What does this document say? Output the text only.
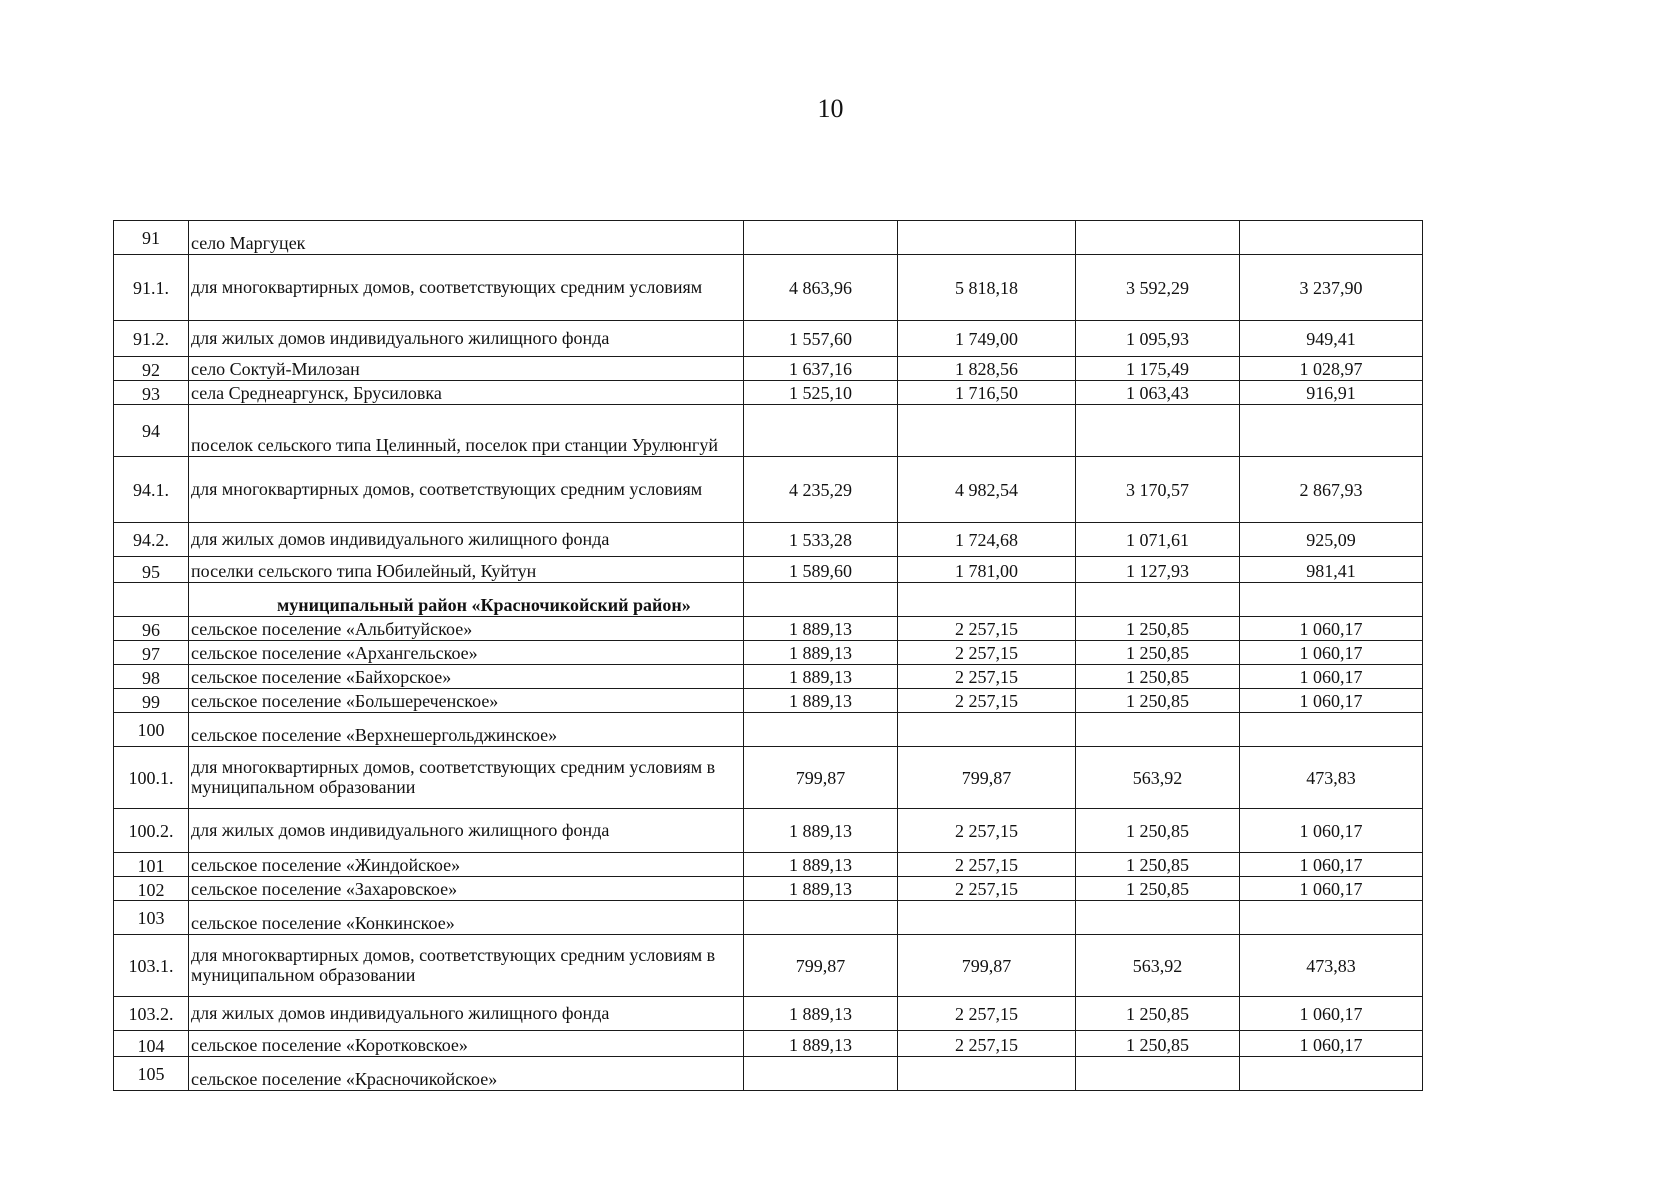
10
91	село Маргуцек				
91.1.	для многоквартирных домов, соответствующих средним условиям	4 863,96	5 818,18	3 592,29	3 237,90
91.2.	для жилых домов индивидуального жилищного фонда	1 557,60	1 749,00	1 095,93	949,41
92	село Соктуй-Милозан	1 637,16	1 828,56	1 175,49	1 028,97
93	села Среднеаргунск, Брусиловка	1 525,10	1 716,50	1 063,43	916,91
94	поселок сельского типа Целинный, поселок при станции Урулюнгуй				
94.1.	для многоквартирных домов, соответствующих средним условиям	4 235,29	4 982,54	3 170,57	2 867,93
94.2.	для жилых домов индивидуального жилищного фонда	1 533,28	1 724,68	1 071,61	925,09
95	поселки сельского типа Юбилейный, Куйтун	1 589,60	1 781,00	1 127,93	981,41
	муниципальный район «Красночикойский район»				
96	сельское поселение «Альбитуйское»	1 889,13	2 257,15	1 250,85	1 060,17
97	сельское поселение «Архангельское»	1 889,13	2 257,15	1 250,85	1 060,17
98	сельское поселение «Байхорское»	1 889,13	2 257,15	1 250,85	1 060,17
99	сельское поселение «Большереченское»	1 889,13	2 257,15	1 250,85	1 060,17
100	сельское поселение «Верхнешергольджинское»				
100.1.	для многоквартирных домов, соответствующих средним условиям в муниципальном образовании	799,87	799,87	563,92	473,83
100.2.	для жилых домов индивидуального жилищного фонда	1 889,13	2 257,15	1 250,85	1 060,17
101	сельское поселение «Жиндойское»	1 889,13	2 257,15	1 250,85	1 060,17
102	сельское поселение «Захаровское»	1 889,13	2 257,15	1 250,85	1 060,17
103	сельское поселение «Конкинское»				
103.1.	для многоквартирных домов, соответствующих средним условиям в муниципальном образовании	799,87	799,87	563,92	473,83
103.2.	для жилых домов индивидуального жилищного фонда	1 889,13	2 257,15	1 250,85	1 060,17
104	сельское поселение «Коротковское»	1 889,13	2 257,15	1 250,85	1 060,17
105	сельское поселение «Красночикойское»				
